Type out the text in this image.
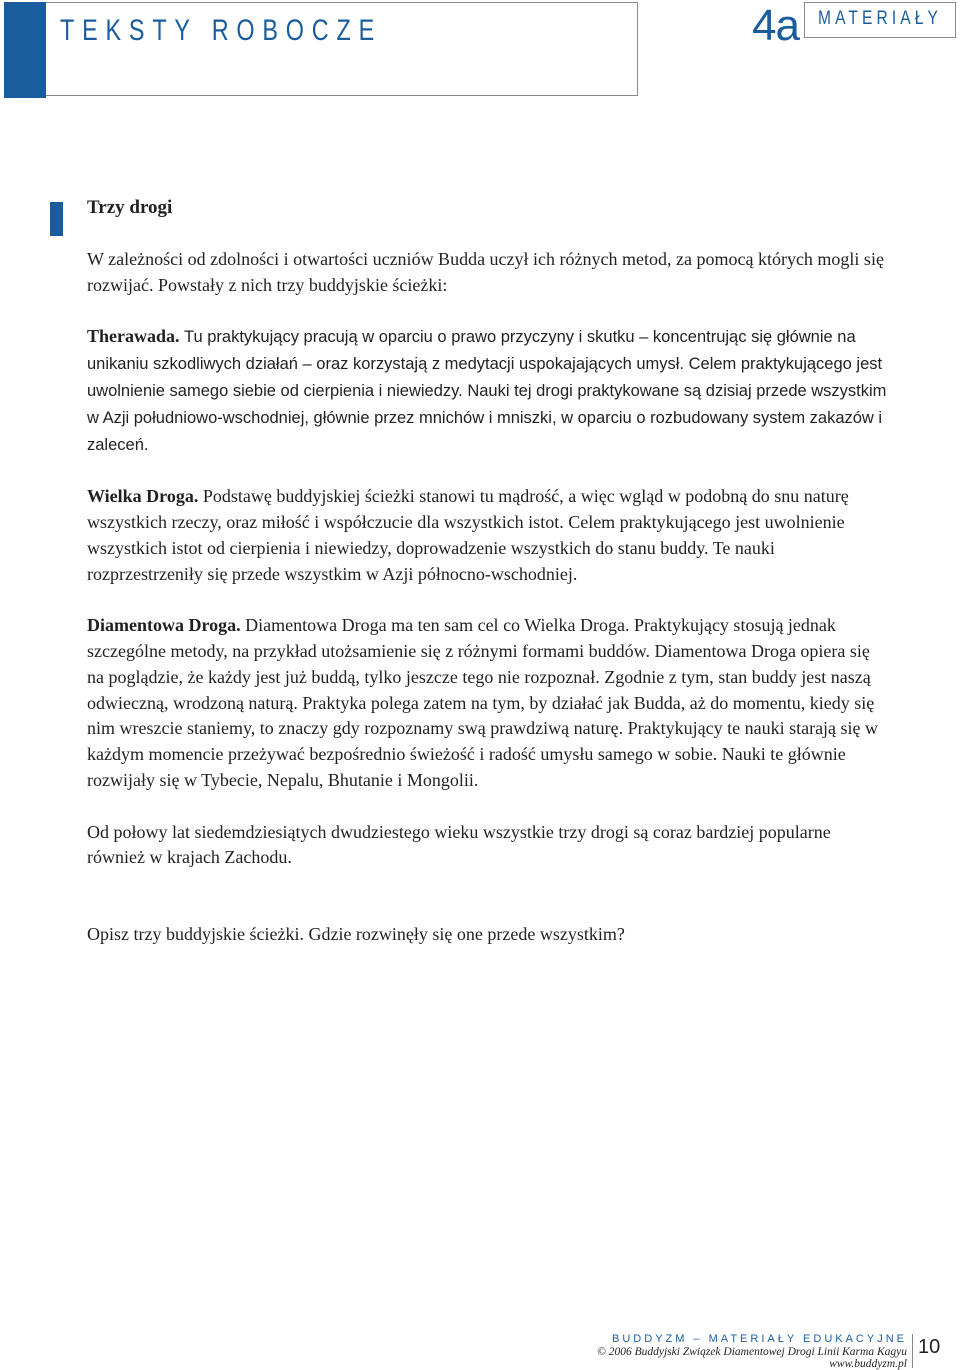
TEKSTY ROBOCZE	4a MATERIAŁY
Trzy drogi

W zależności od zdolności i otwartości uczniów Budda uczył ich różnych metod, za pomocą których mogli się rozwijać. Powstały z nich trzy buddyjskie ścieżki:

Therawada. Tu praktykujący pracują w oparciu o prawo przyczyny i skutku – koncentrując się głównie na unikaniu szkodliwych działań – oraz korzystają z medytacji uspokajających umysł. Celem praktykującego jest uwolnienie samego siebie od cierpienia i niewiedzy. Nauki tej drogi praktykowane są dzisiaj przede wszystkim w Azji południowo-wschodniej, głównie przez mnichów i mniszki, w oparciu o rozbudowany system zakazów i zaleceń.

Wielka Droga. Podstawę buddyjskiej ścieżki stanowi tu mądrość, a więc wgląd w podobną do snu naturę wszystkich rzeczy, oraz miłość i współczucie dla wszystkich istot. Celem praktykującego jest uwolnienie wszystkich istot od cierpienia i niewiedzy, doprowadzenie wszystkich do stanu buddy. Te nauki rozprzestrzeniły się przede wszystkim w Azji północno-wschodniej.

Diamentowa Droga. Diamentowa Droga ma ten sam cel co Wielka Droga. Praktykujący stosują jednak szczególne metody, na przykład utożsamienie się z różnymi formami buddów. Diamentowa Droga opiera się na poglądzie, że każdy jest już buddą, tylko jeszcze tego nie rozpoznał. Zgodnie z tym, stan buddy jest naszą odwieczną, wrodzoną naturą. Praktyka polega zatem na tym, by działać jak Budda, aż do momentu, kiedy się nim wreszcie staniemy, to znaczy gdy rozpoznamy swą prawdziwą naturę. Praktykujący te nauki starają się w każdym momencie przeżywać bezpośrednio świeżość i radość umysłu samego w sobie. Nauki te głównie rozwijały się w Tybecie, Nepalu, Bhutanie i Mongolii.

Od połowy lat siedemdziesiątych dwudziestego wieku wszystkie trzy drogi są coraz bardziej popularne również w krajach Zachodu.

Opisz trzy buddyjskie ścieżki. Gdzie rozwinęły się one przede wszystkim?

BUDDYZM – MATERIAŁY EDUKACYJNE
© 2006 Buddyjski Związek Diamentowej Drogi Linii Karma Kagyu
www.buddyzm.pl
10
